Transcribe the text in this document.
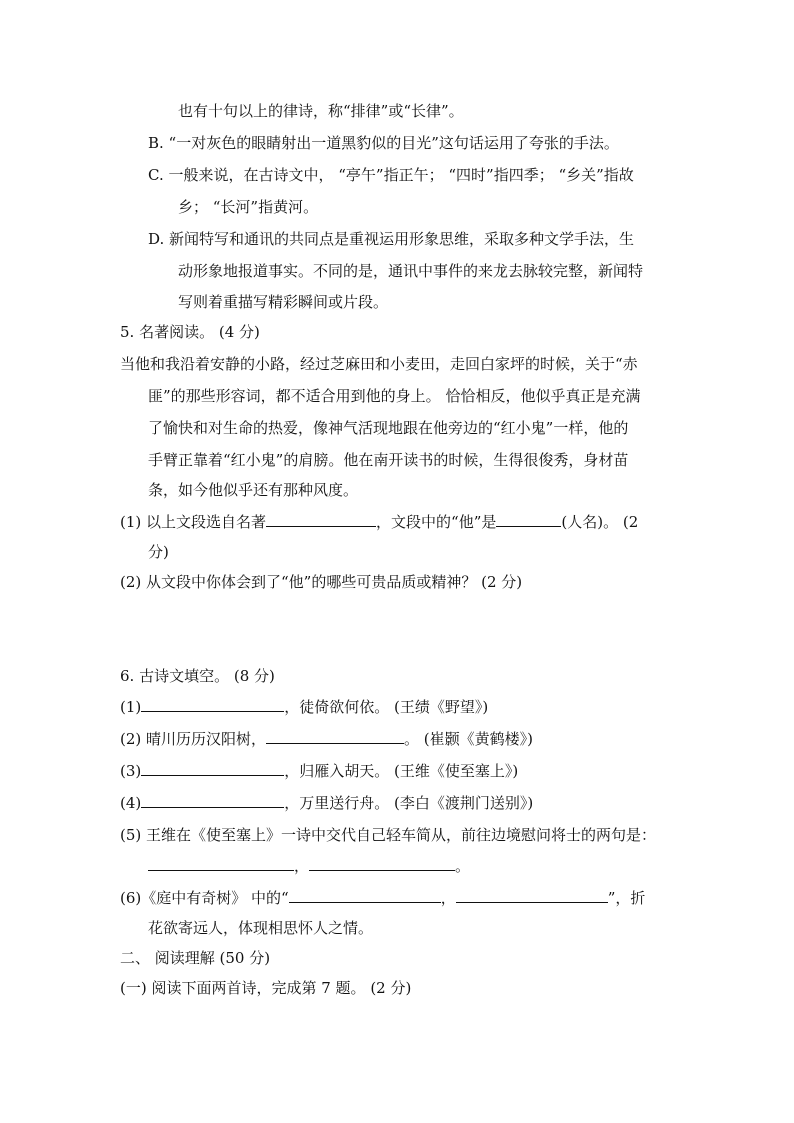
也有十句以上的律诗，称“排律”或“长律”。
B. “一对灰色的眼睛射出一道黑豹似的目光”这句话运用了夸张的手法。
C. 一般来说，在古诗文中， “亭午”指正午； “四时”指四季； “乡关”指故
乡； “长河”指黄河。
D. 新闻特写和通讯的共同点是重视运用形象思维，采取多种文学手法，生
动形象地报道事实。不同的是，通讯中事件的来龙去脉较完整，新闻特
写则着重描写精彩瞬间或片段。
5. 名著阅读。 (4 分)
当他和我沿着安静的小路，经过芝麻田和小麦田，走回白家坪的时候，关于“赤
匪”的那些形容词，都不适合用到他的身上。 恰恰相反，他似乎真正是充满
了愉快和对生命的热爱，像神气活现地跟在他旁边的“红小鬼”一样，他的
手臂正靠着“红小鬼”的肩膀。他在南开读书的时候，生得很俊秀，身材苗
条，如今他似乎还有那种风度。
(1) 以上文段选自名著	，文段中的“他”是	(人名)。 (2
分)
(2) 从文段中你体会到了“他”的哪些可贵品质或精神？ (2 分)
6. 古诗文填空。 (8 分)
(1)	，徒倚欲何依。 (王绩《野望》)
(2) 晴川历历汉阳树，	。 (崔颢《黄鹤楼》)
(3)	，归雁入胡天。 (王维《使至塞上》)
(4)	，万里送行舟。 (李白《渡荆门送别》)
(5) 王维在《使至塞上》一诗中交代自己轻车简从，前往边境慰问将士的两句是：
，	。
(6)《庭中有奇树》 中的“	，	”，折
花欲寄远人，体现相思怀人之情。
二、 阅读理解 (50 分)
(一) 阅读下面两首诗，完成第 7 题。 (2 分)
